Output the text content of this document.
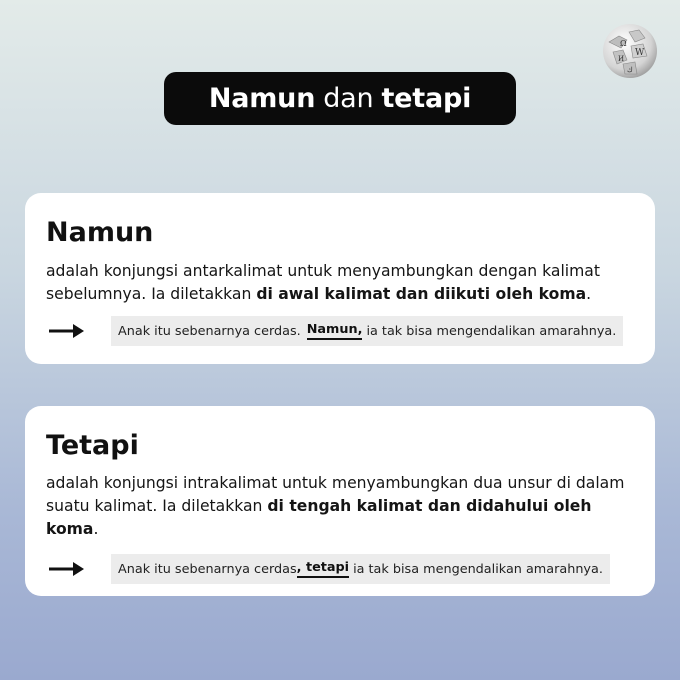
Ω
W
И
ك
Namun dan tetapi
Namun

adalah konjungsi antarkalimat untuk menyambungkan dengan kalimat sebelumnya. Ia diletakkan di awal kalimat dan diikuti oleh koma.

Anak itu sebenarnya cerdas. Namun, ia tak bisa mengendalikan amarahnya.
Tetapi

adalah konjungsi intrakalimat untuk menyambungkan dua unsur di dalam suatu kalimat. Ia diletakkan di tengah kalimat dan didahului oleh koma.

Anak itu sebenarnya cerdas , tetapi ia tak bisa mengendalikan amarahnya.
